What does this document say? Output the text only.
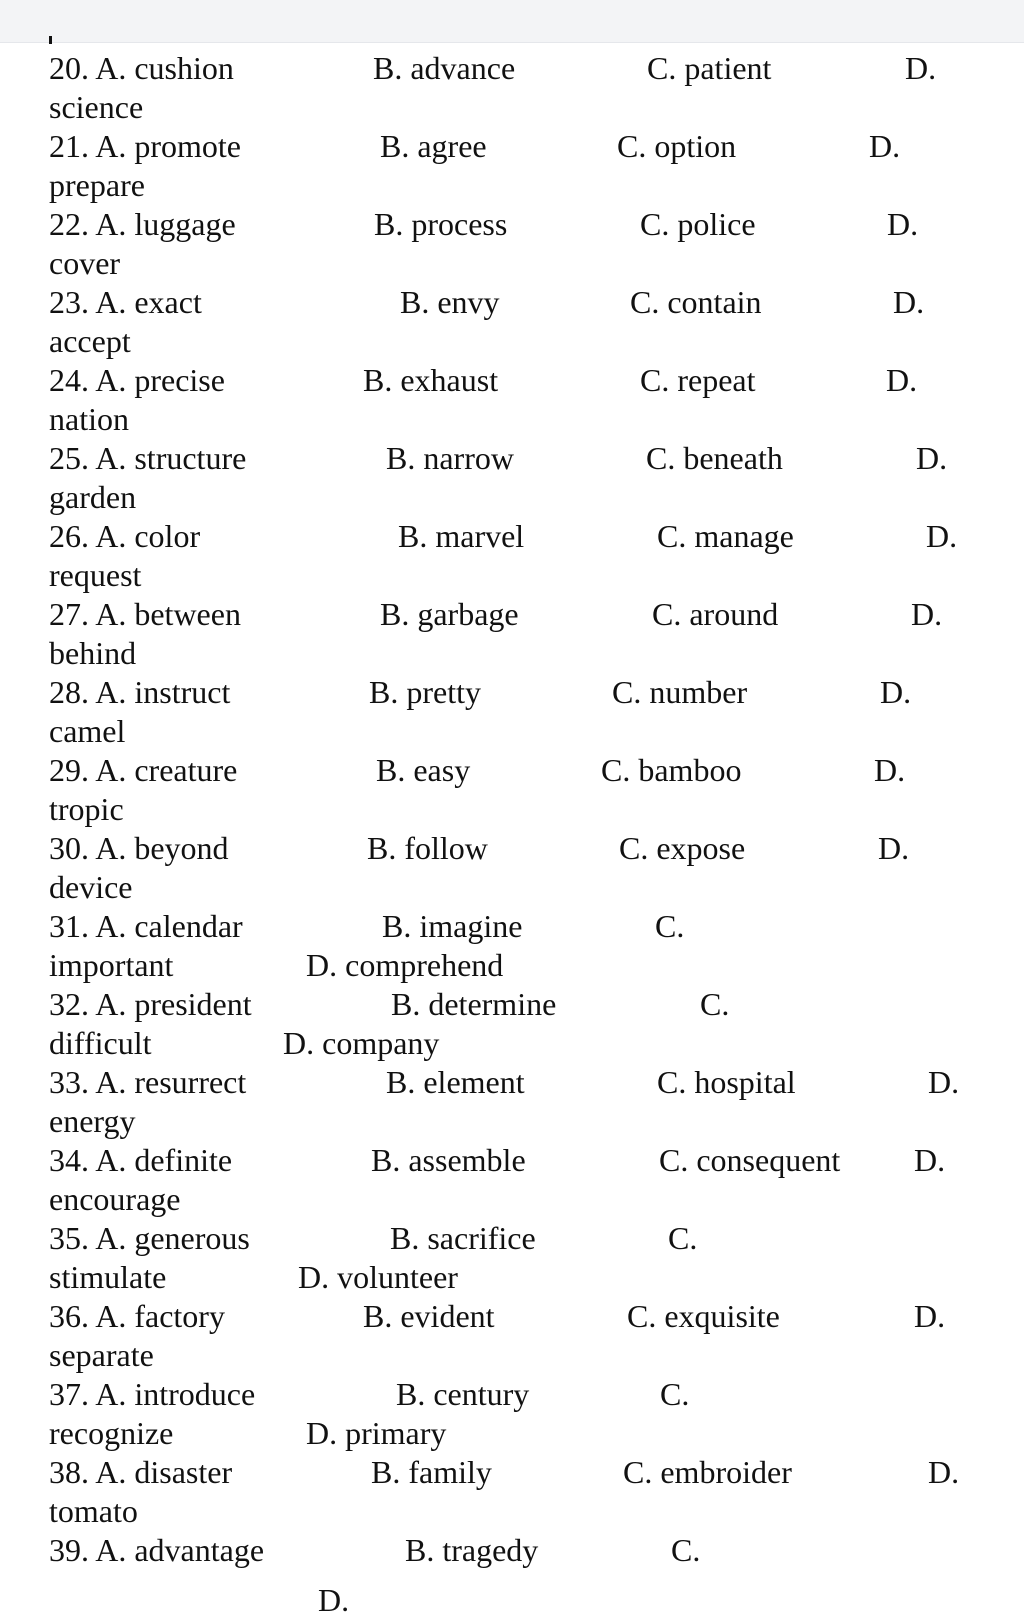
20. A. cushion	B. advance	C. patient	D.
science
21. A. promote	B. agree	C. option	D.
prepare
22. A. luggage	B. process	C. police	D.
cover
23. A. exact	B. envy	C. contain	D.
accept
24. A. precise	B. exhaust	C. repeat	D.
nation
25. A. structure	B. narrow	C. beneath	D.
garden
26. A. color	B. marvel	C. manage	D.
request
27. A. between	B. garbage	C. around	D.
behind
28. A. instruct	B. pretty	C. number	D.
camel
29. A. creature	B. easy	C. bamboo	D.
tropic
30. A. beyond	B. follow	C. expose	D.
device
31. A. calendar	B. imagine	C.
important	D. comprehend
32. A. president	B. determine	C.
difficult	D. company
33. A. resurrect	B. element	C. hospital	D.
energy
34. A. definite	B. assemble	C. consequent D.
encourage
35. A. generous	B. sacrifice	C.
stimulate	D. volunteer
36. A. factory	B. evident	C. exquisite	D.
separate
37. A. introduce	B. century	C.
recognize	D. primary
38. A. disaster	B. family	C. embroider	D.
tomato
39. A. advantage	B. tragedy	C.
D.
